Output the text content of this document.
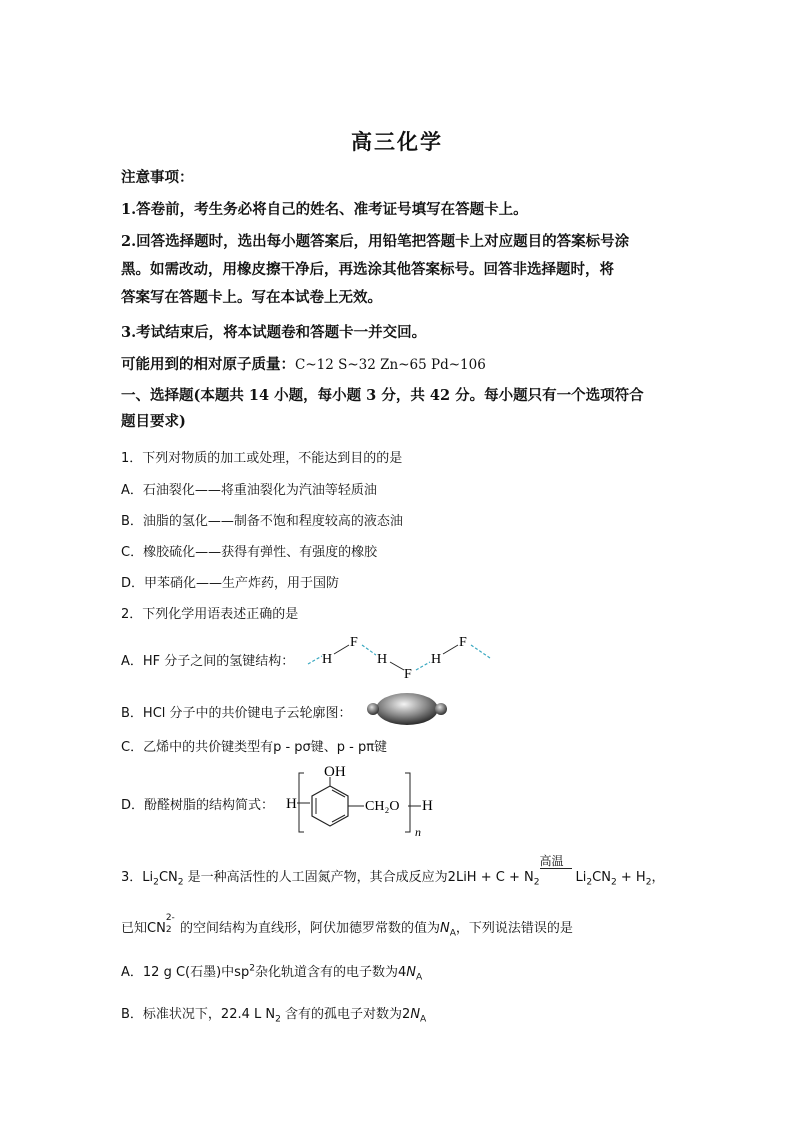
高三化学
注意事项：
1.答卷前，考生务必将自己的姓名、准考证号填写在答题卡上。
2.回答选择题时，选出每小题答案后，用铅笔把答题卡上对应题目的答案标号涂
黑。如需改动，用橡皮擦干净后，再选涂其他答案标号。回答非选择题时，将
答案写在答题卡上。写在本试卷上无效。
3.考试结束后，将本试题卷和答题卡一并交回。
可能用到的相对原子质量：C~12 S~32 Zn~65 Pd~106
一、选择题(本题共 14 小题，每小题 3 分，共 42 分。每小题只有一个选项符合
题目要求)
1．下列对物质的加工或处理，不能达到目的的是
A．石油裂化——将重油裂化为汽油等轻质油
B．油脂的氢化——制备不饱和程度较高的液态油
C．橡胶硫化——获得有弹性、有强度的橡胶
D．甲苯硝化——生产炸药，用于国防
2．下列化学用语表述正确的是
A．HF 分子之间的氢键结构： H
F
H
F
H
F
B．HCl 分子中的共价键电子云轮廓图：
C．乙烯中的共价键类型有p - pσ键、p - pπ键
D．酚醛树脂的结构简式： H
OH
CH₂O H
n
3．$Li_2CN_2$ 是一种高活性的人工固氮产物，其合成反应为$2LiH + C + N_2$
高温
$Li_2CN_2 + H_2$，
已知CN
2-
2 的空间结构为直线形，阿伏加德罗常数的值为$N_A$，下列说法错误的是
A．12 g C(石墨)中$sp^2$杂化轨道含有的电子数为$4N_A$
B．标准状况下，22.4 L $N_2$ 含有的孤电子对数为$2N_A$
